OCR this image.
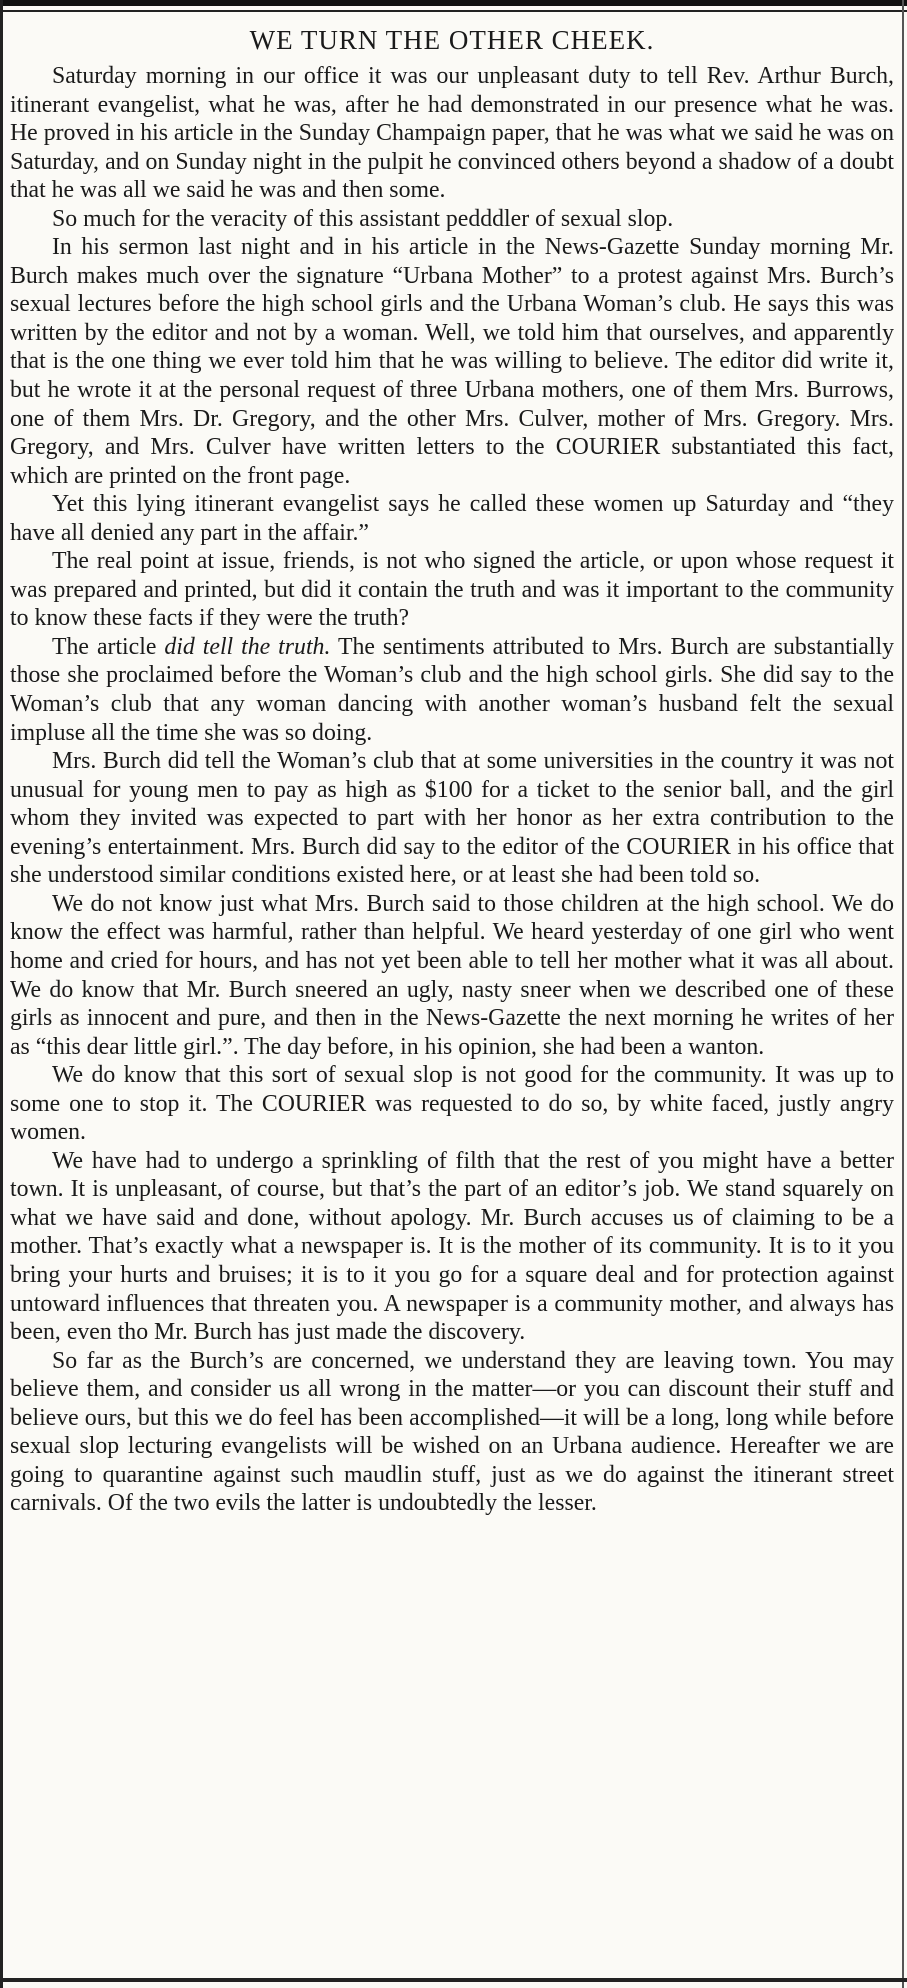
WE TURN THE OTHER CHEEK.

Saturday morning in our office it was our unpleasant duty to tell Rev. Arthur Burch, itinerant evangelist, what he was, after he had demonstrated in our presence what he was. He proved in his article in the Sunday Champaign paper, that he was what we said he was on Saturday, and on Sunday night in the pulpit he convinced others beyond a shadow of a doubt that he was all we said he was and then some.

So much for the veracity of this assistant pedddler of sexual slop.

In his sermon last night and in his article in the News-Gazette Sunday morning Mr. Burch makes much over the signature “Urbana Mother” to a protest against Mrs. Burch’s sexual lectures before the high school girls and the Urbana Woman’s club. He says this was written by the editor and not by a woman. Well, we told him that ourselves, and apparently that is the one thing we ever told him that he was willing to believe. The editor did write it, but he wrote it at the personal request of three Urbana mothers, one of them Mrs. Burrows, one of them Mrs. Dr. Gregory, and the other Mrs. Culver, mother of Mrs. Gregory. Mrs. Gregory, and Mrs. Culver have written letters to the COURIER substantiated this fact, which are printed on the front page.

Yet this lying itinerant evangelist says he called these women up Saturday and “they have all denied any part in the affair.”

The real point at issue, friends, is not who signed the article, or upon whose request it was prepared and printed, but did it contain the truth and was it important to the community to know these facts if they were the truth?

The article did tell the truth. The sentiments attributed to Mrs. Burch are substantially those she proclaimed before the Woman’s club and the high school girls. She did say to the Woman’s club that any woman dancing with another woman’s husband felt the sexual impluse all the time she was so doing.

Mrs. Burch did tell the Woman’s club that at some universities in the country it was not unusual for young men to pay as high as $100 for a ticket to the senior ball, and the girl whom they invited was expected to part with her honor as her extra contribution to the evening’s entertainment. Mrs. Burch did say to the editor of the COURIER in his office that she understood similar conditions existed here, or at least she had been told so.

We do not know just what Mrs. Burch said to those children at the high school. We do know the effect was harmful, rather than helpful. We heard yesterday of one girl who went home and cried for hours, and has not yet been able to tell her mother what it was all about. We do know that Mr. Burch sneered an ugly, nasty sneer when we described one of these girls as innocent and pure, and then in the News-Gazette the next morning he writes of her as “this dear little girl.”. The day before, in his opinion, she had been a wanton.

We do know that this sort of sexual slop is not good for the community. It was up to some one to stop it. The COURIER was requested to do so, by white faced, justly angry women.

We have had to undergo a sprinkling of filth that the rest of you might have a better town. It is unpleasant, of course, but that’s the part of an editor’s job. We stand squarely on what we have said and done, without apology. Mr. Burch accuses us of claiming to be a mother. That’s exactly what a newspaper is. It is the mother of its community. It is to it you bring your hurts and bruises; it is to it you go for a square deal and for protection against untoward influences that threaten you. A newspaper is a community mother, and always has been, even tho Mr. Burch has just made the discovery.

So far as the Burch’s are concerned, we understand they are leaving town. You may believe them, and consider us all wrong in the matter—or you can discount their stuff and believe ours, but this we do feel has been accomplished—it will be a long, long while before sexual slop lecturing evangelists will be wished on an Urbana audience. Hereafter we are going to quarantine against such maudlin stuff, just as we do against the itinerant street carnivals. Of the two evils the latter is undoubtedly the lesser.
